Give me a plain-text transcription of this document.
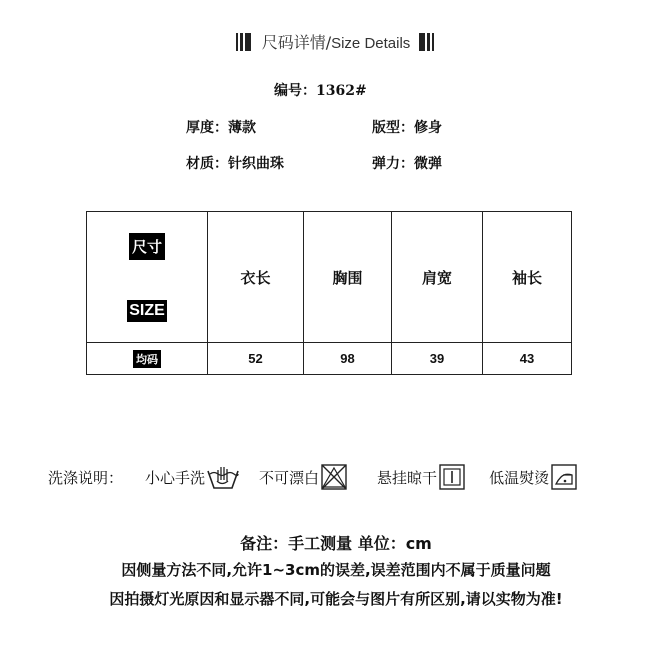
尺码详情/Size Details
编号：1362#
厚度：薄款	版型：修身
材质：针织曲珠	弹力：微弹
尺寸
SIZE	衣长	胸围	肩宽	袖长
均码	52	98	39	43
洗涤说明： 小心手洗	不可漂白	悬挂晾干	低温熨烫
备注：手工测量 单位：cm
因侧量方法不同,允许1~3cm的误差,误差范围内不属于质量问题
因拍摄灯光原因和显示器不同,可能会与图片有所区别,请以实物为准!
